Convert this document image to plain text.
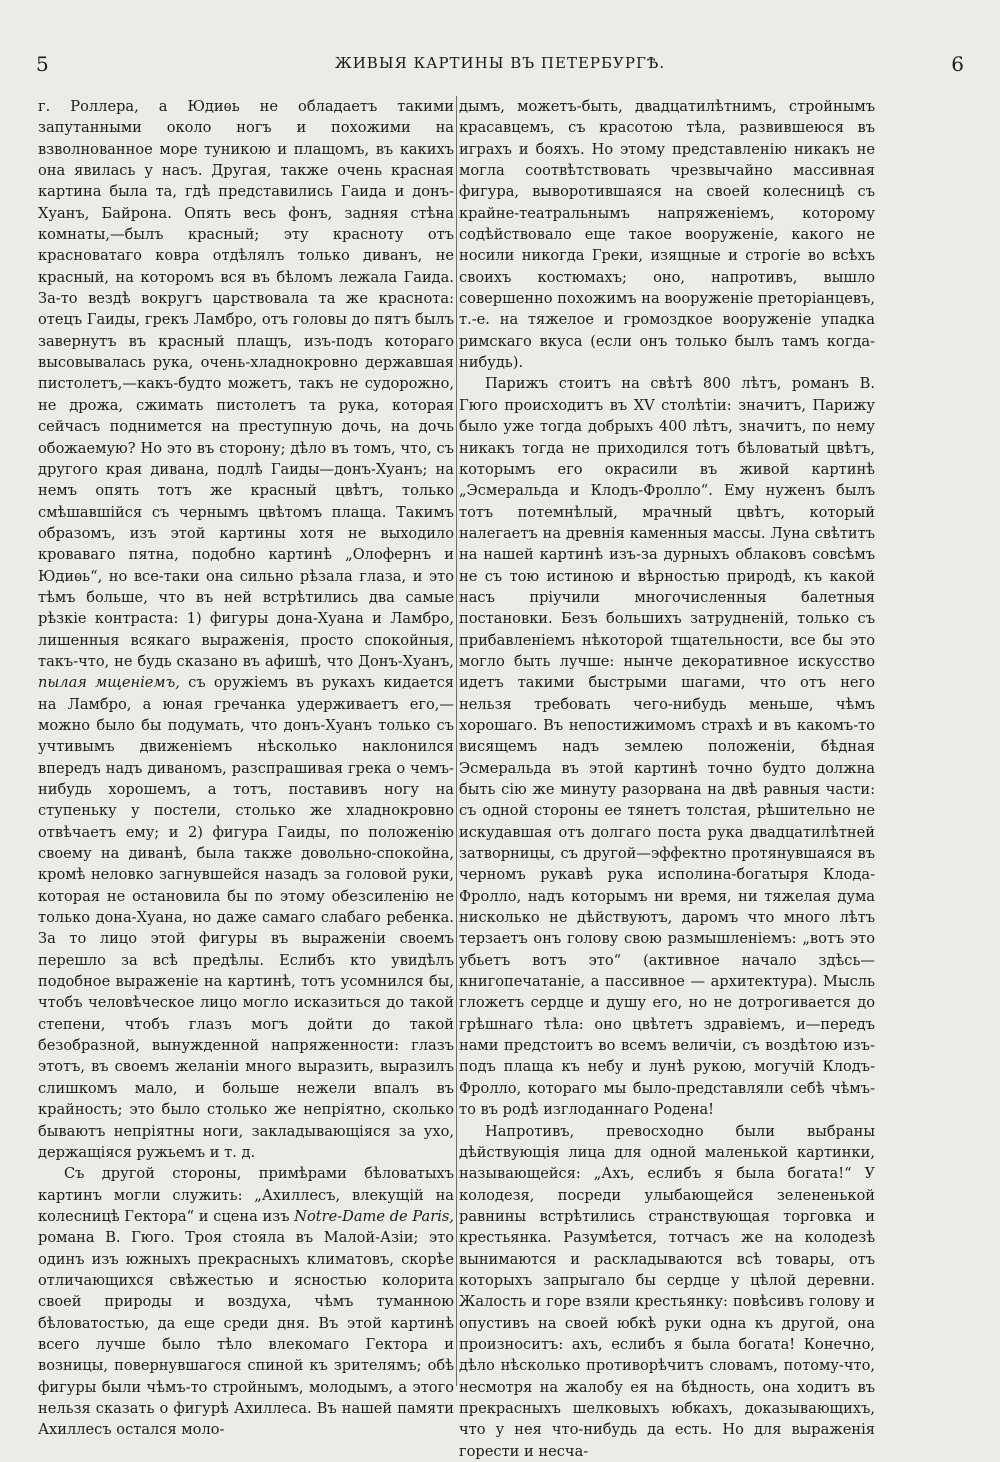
5	ЖИВЫЯ КАРТИНЫ ВЪ ПЕТЕРБУРГѢ.	6

г. Роллера, а Юдиѳь не обладаетъ такими запутанными около ногъ и похожими на взволнованное море туникою и плащомъ, въ какихъ она явилась у насъ. Другая, также очень красная картина была та, гдѣ представились Гаида и донъ-Хуанъ, Байрона. Опять весь фонъ, задняя стѣна комнаты,—былъ красный; эту красноту отъ красноватаго ковра отдѣлялъ только диванъ, не красный, на которомъ вся въ бѣломъ лежала Гаида. За-то вездѣ вокругъ царствовала та же краснота: отецъ Гаиды, грекъ Ламбро, отъ головы до пятъ былъ завернутъ въ красный плащъ, изъ-подъ котораго высовывалась рука, очень-хладнокровно державшая пистолетъ,—какъ-будто можетъ, такъ не судорожно, не дрожа, сжимать пистолетъ та рука, которая сейчасъ поднимется на преступную дочь, на дочь обожаемую? Но это въ сторону; дѣло въ томъ, что, съ другого края дивана, подлѣ Гаиды—донъ-Хуанъ; на немъ опять тотъ же красный цвѣтъ, только смѣшавшійся съ чернымъ цвѣтомъ плаща. Такимъ образомъ, изъ этой картины хотя не выходило кроваваго пятна, подобно картинѣ „Олофернъ и Юдиѳь“, но все-таки она сильно рѣзала глаза, и это тѣмъ больше, что въ ней встрѣтились два самые рѣзкіе контраста: 1) фигуры дона-Хуана и Ламбро, лишенныя всякаго выраженія, просто спокойныя, такъ-что, не будь сказано въ афишѣ, что Донъ-Хуанъ, пылая мщеніемъ, съ оружіемъ въ рукахъ кидается на Ламбро, а юная гречанка удерживаетъ его,—можно было бы подумать, что донъ-Хуанъ только съ учтивымъ движеніемъ нѣсколько наклонился впередъ надъ диваномъ, разспрашивая грека о чемъ-нибудь хорошемъ, а тотъ, поставивъ ногу на ступеньку у постели, столько же хладнокровно отвѣчаетъ ему; и 2) фигура Гаиды, по положенію своему на диванѣ, была также довольно-спокойна, кромѣ неловко загнувшейся назадъ за головой руки, которая не остановила бы по этому обезсиленію не только дона-Хуана, но даже самаго слабаго ребенка. За то лицо этой фигуры въ выраженіи своемъ перешло за всѣ предѣлы. Еслибъ кто увидѣлъ подобное выраженіе на картинѣ, тотъ усомнился бы, чтобъ человѣческое лицо могло исказиться до такой степени, чтобъ глазъ могъ дойти до такой безобразной, вынужденной напряженности: глазъ этотъ, въ своемъ желаніи много выразить, выразилъ слишкомъ мало, и больше нежели впалъ въ крайность; это было столько же непріятно, сколько бываютъ непріятны ноги, закладывающіяся за ухо, держащіяся ружьемъ и т. д.

Съ другой стороны, примѣрами бѣловатыхъ картинъ могли служить: „Ахиллесъ, влекущій на колесницѣ Гектора“ и сцена изъ Notre-Dame de Paris, романа В. Гюго. Троя стояла въ Малой-Азіи; это одинъ изъ южныхъ прекрасныхъ климатовъ, скорѣе отличающихся свѣжестью и ясностью колорита своей природы и воздуха, чѣмъ туманною бѣловатостью, да еще среди дня. Въ этой картинѣ всего лучше было тѣло влекомаго Гектора и возницы, повернувшагося спиной къ зрителямъ; обѣ фигуры были чѣмъ-то стройнымъ, молодымъ, а этого нельзя сказать о фигурѣ Ахиллеса. Въ нашей памяти Ахиллесъ остался моло-

дымъ, можетъ-быть, двадцатилѣтнимъ, стройнымъ красавцемъ, съ красотою тѣла, развившеюся въ играхъ и бояхъ. Но этому представленію никакъ не могла соотвѣтствовать чрезвычайно массивная фигура, выворотившаяся на своей колесницѣ съ крайне-театральнымъ напряженіемъ, которому содѣйствовало еще такое вооруженіе, какого не носили никогда Греки, изящные и строгіе во всѣхъ своихъ костюмахъ; оно, напротивъ, вышло совершенно похожимъ на вооруженіе преторіанцевъ, т.-е. на тяжелое и громоздкое вооруженіе упадка римскаго вкуса (если онъ только былъ тамъ когда-нибудь).

Парижъ стоитъ на свѣтѣ 800 лѣтъ, романъ В. Гюго происходитъ въ XV столѣтіи: значитъ, Парижу было уже тогда добрыхъ 400 лѣтъ, значитъ, по нему никакъ тогда не приходился тотъ бѣловатый цвѣтъ, которымъ его окрасили въ живой картинѣ „Эсмеральда и Клодъ-Фролло“. Ему нуженъ былъ тотъ потемнѣлый, мрачный цвѣтъ, который налегаетъ на древнія каменныя массы. Луна свѣтитъ на нашей картинѣ изъ-за дурныхъ облаковъ совсѣмъ не съ тою истиною и вѣрностью природѣ, къ какой насъ пріучили многочисленныя балетныя постановки. Безъ большихъ затрудненій, только съ прибавленіемъ нѣкоторой тщательности, все бы это могло быть лучше: нынче декоративное искусство идетъ такими быстрыми шагами, что отъ него нельзя требовать чего-нибудь меньше, чѣмъ хорошаго. Въ непостижимомъ страхѣ и въ какомъ-то висящемъ надъ землею положеніи, бѣдная Эсмеральда въ этой картинѣ точно будто должна быть сію же минуту разорвана на двѣ равныя части: съ одной стороны ее тянетъ толстая, рѣшительно не искудавшая отъ долгаго поста рука двадцатилѣтней затворницы, съ другой—эффектно протянувшаяся въ черномъ рукавѣ рука исполина-богатыря Клода-Фролло, надъ которымъ ни время, ни тяжелая дума нисколько не дѣйствуютъ, даромъ что много лѣтъ терзаетъ онъ голову свою размышленіемъ: „вотъ это убьетъ вотъ это“ (активное начало здѣсь—книгопечатаніе, а пассивное — архитектура). Мысль гложетъ сердце и душу его, но не дотрогивается до грѣшнаго тѣла: оно цвѣтетъ здравіемъ, и—передъ нами предстоитъ во всемъ величіи, съ воздѣтою изъ-подъ плаща къ небу и лунѣ рукою, могучій Клодъ-Фролло, котораго мы было-представляли себѣ чѣмъ-то въ родѣ изглоданнаго Родена!

Напротивъ, превосходно были выбраны дѣйствующія лица для одной маленькой картинки, называющейся: „Ахъ, еслибъ я была богата!“ У колодезя, посреди улыбающейся зелененькой равнины встрѣтились странствующая торговка и крестьянка. Разумѣется, тотчасъ же на колодезѣ вынимаются и раскладываются всѣ товары, отъ которыхъ запрыгало бы сердце у цѣлой деревни. Жалость и горе взяли крестьянку: повѣсивъ голову и опустивъ на своей юбкѣ руки одна къ другой, она произноситъ: ахъ, еслибъ я была богата! Конечно, дѣло нѣсколько противорѣчитъ словамъ, потому-что, несмотря на жалобу ея на бѣдность, она ходитъ въ прекрасныхъ шелковыхъ юбкахъ, доказывающихъ, что у нея что-нибудь да есть. Но для выраженія горести и несча-
